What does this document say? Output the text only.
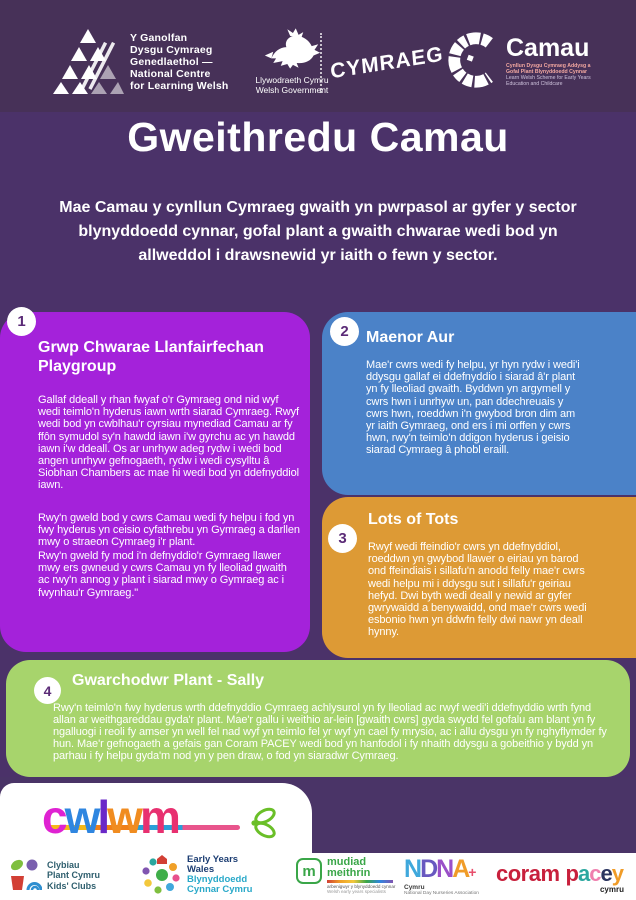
Y Ganolfan
Dysgu Cymraeg
Genedlaethol —
National Centre
for Learning Welsh	Llywodraeth Cymru
Welsh Government
CYMRAEG Camau
Cynllun Dysgu Cymraeg Addysg a
Gofal Plant Blynyddoedd Cynnar
Learn Welsh Scheme for Early Years
Education and Childcare
Gweithredu Camau
Mae Camau y cynllun Cymraeg gwaith yn pwrpasol ar gyfer y sector blynyddoedd cynnar, gofal plant a gwaith chwarae wedi bod yn allweddol i drawsnewid yr iaith o fewn y sector.
1
Grwp Chwarae Llanfairfechan Playgroup
Gallaf ddeall y rhan fwyaf o'r Gymraeg ond nid wyf wedi teimlo'n hyderus iawn wrth siarad Cymraeg. Rwyf wedi bod yn cwblhau'r cyrsiau mynediad Camau ar fy ffôn symudol sy'n hawdd iawn i'w gyrchu ac yn hawdd iawn i'w ddeall. Os ar unrhyw adeg rydw i wedi bod angen unrhyw gefnogaeth, rydw i wedi cysylltu â Siobhan Chambers ac mae hi wedi bod yn ddefnyddiol iawn.
Rwy'n gweld bod y cwrs Camau wedi fy helpu i fod yn fwy hyderus yn ceisio cyfathrebu yn Gymraeg a darllen mwy o straeon Cymraeg i'r plant.
Rwy'n gweld fy mod i'n defnyddio'r Gymraeg llawer mwy ers gwneud y cwrs Camau yn fy lleoliad gwaith ac rwy'n annog y plant i siarad mwy o Gymraeg ac i fwynhau'r Gymraeg."
2	Maenor Aur
Mae'r cwrs wedi fy helpu, yr hyn rydw i wedi'i ddysgu gallaf ei ddefnyddio i siarad â'r plant yn fy lleoliad gwaith. Byddwn yn argymell y cwrs hwn i unrhyw un, pan ddechreuais y cwrs hwn, roeddwn i'n gwybod bron dim am yr iaith Gymraeg, ond ers i mi orffen y cwrs hwn, rwy'n teimlo'n ddigon hyderus i geisio siarad Cymraeg â phobl eraill.
3
Lots of Tots
Rwyf wedi ffeindio'r cwrs yn ddefnyddiol, roeddwn yn gwybod llawer o eiriau yn barod ond ffeindiais i sillafu'n anodd felly mae'r cwrs wedi helpu mi i ddysgu sut i sillafu'r geiriau hefyd. Dwi byth wedi deall y newid ar gyfer gwrywaidd a benywaidd, ond mae'r cwrs wedi esbonio hwn yn ddwfn felly dwi nawr yn deall hynny.
4
Gwarchodwr Plant - Sally
Rwy'n teimlo'n fwy hyderus wrth ddefnyddio Cymraeg achlysurol yn fy lleoliad ac rwyf wedi'i ddefnyddio wrth fynd allan ar weithgareddau gyda'r plant. Mae'r gallu i weithio ar-lein [gwaith cwrs] gyda swydd fel gofalu am blant yn fy ngalluogi i reoli fy amser yn well fel nad wyf yn teimlo fel yr wyf yn cael fy mrysio, ac i allu dysgu yn fy nghyflymder fy hun. Mae'r gefnogaeth a gefais gan Coram PACEY wedi bod yn hanfodol i fy nhaith ddysgu a gobeithio y bydd yn parhau i fy helpu gyda'm nod yn y pen draw, o fod yn siaradwr Cymraeg.
cwlwm
Clybiau
Plant Cymru
Kids' Clubs
Early Years
Wales
Blynyddoedd
Cynnar Cymru
m
mudiad
meithrin
arbenigwyr y blynyddoedd cynnar
Welsh early years specialists
NDNA+
Cymru
National Day Nurseries Association
coram pacey
cymru
